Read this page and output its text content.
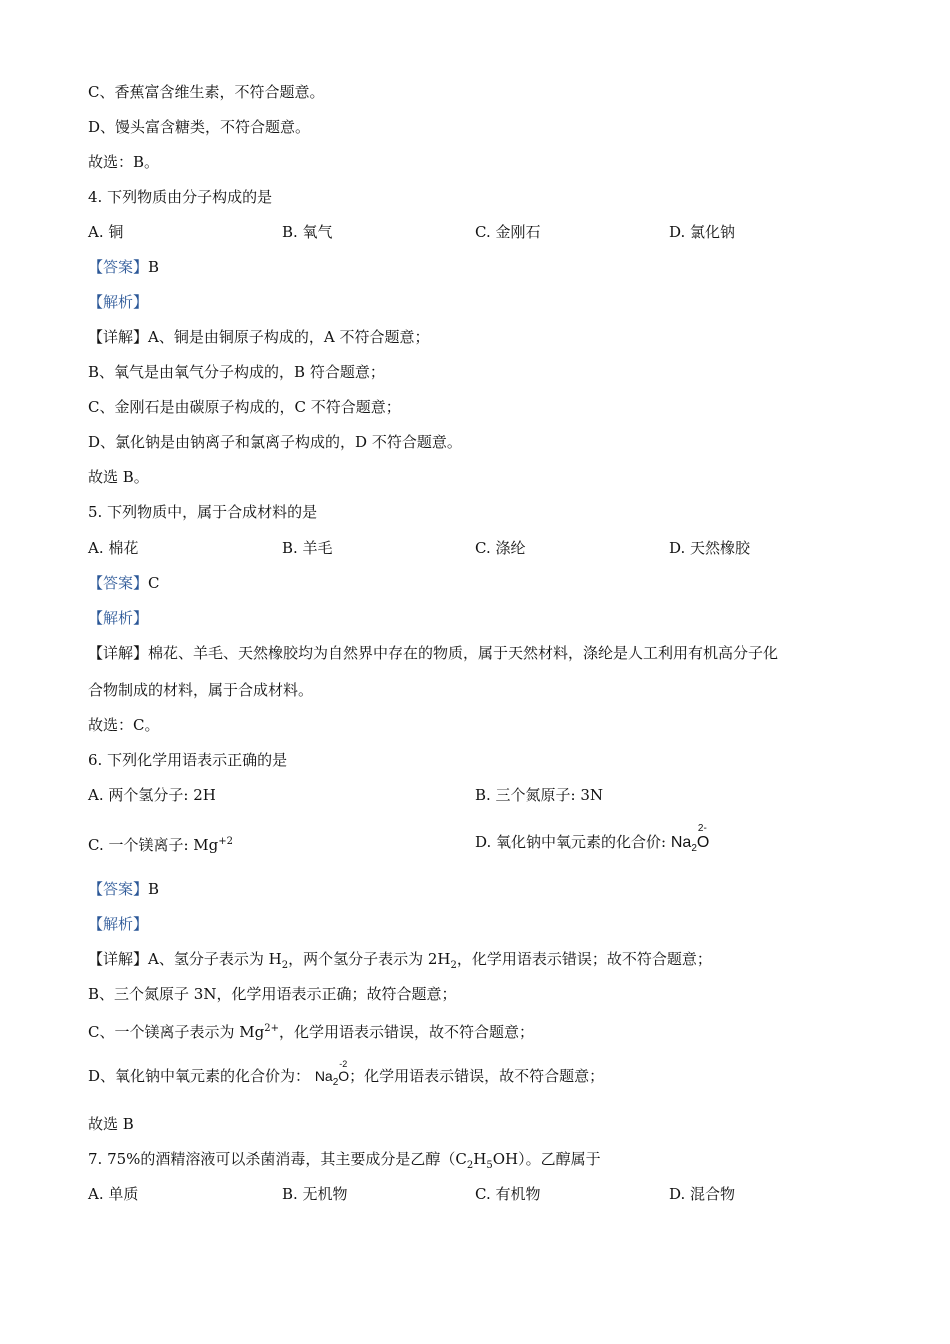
C、香蕉富含维生素，不符合题意。
D、馒头富含糖类，不符合题意。
故选：B。
4. 下列物质由分子构成的是
A. 铜	B. 氧气	C. 金刚石	D. 氯化钠
【答案】B
【解析】
【详解】A、铜是由铜原子构成的，A 不符合题意；
B、氧气是由氧气分子构成的，B 符合题意；
C、金刚石是由碳原子构成的，C 不符合题意；
D、氯化钠是由钠离子和氯离子构成的，D 不符合题意。
故选 B。
5. 下列物质中，属于合成材料的是
A. 棉花	B. 羊毛	C. 涤纶	D. 天然橡胶
【答案】C
【解析】
【详解】棉花、羊毛、天然橡胶均为自然界中存在的物质，属于天然材料，涤纶是人工利用有机高分子化
合物制成的材料，属于合成材料。
故选：C。
6. 下列化学用语表示正确的是
A. 两个氢分子: 2H	B. 三个氮原子: 3N
C. 一个镁离子: $Mg^{+2}$	D. 氧化钠中氧元素的化合价: $Na_2$
2-
O
【答案】B
【解析】
【详解】A、氢分子表示为 $H_2$，两个氢分子表示为 $2H_2$，化学用语表示错误；故不符合题意；
B、三个氮原子 3N，化学用语表示正确；故符合题意；
C、一个镁离子表示为 $Mg^{2+}$，化学用语表示错误，故不符合题意；
D、氧化钠中氧元素的化合价为： $Na_2$
-2
O；化学用语表示错误，故不符合题意；
故选 B
7. 75%的酒精溶液可以杀菌消毒，其主要成分是乙醇$(C_2H_5OH)$。乙醇属于
A. 单质	B. 无机物	C. 有机物	D. 混合物
